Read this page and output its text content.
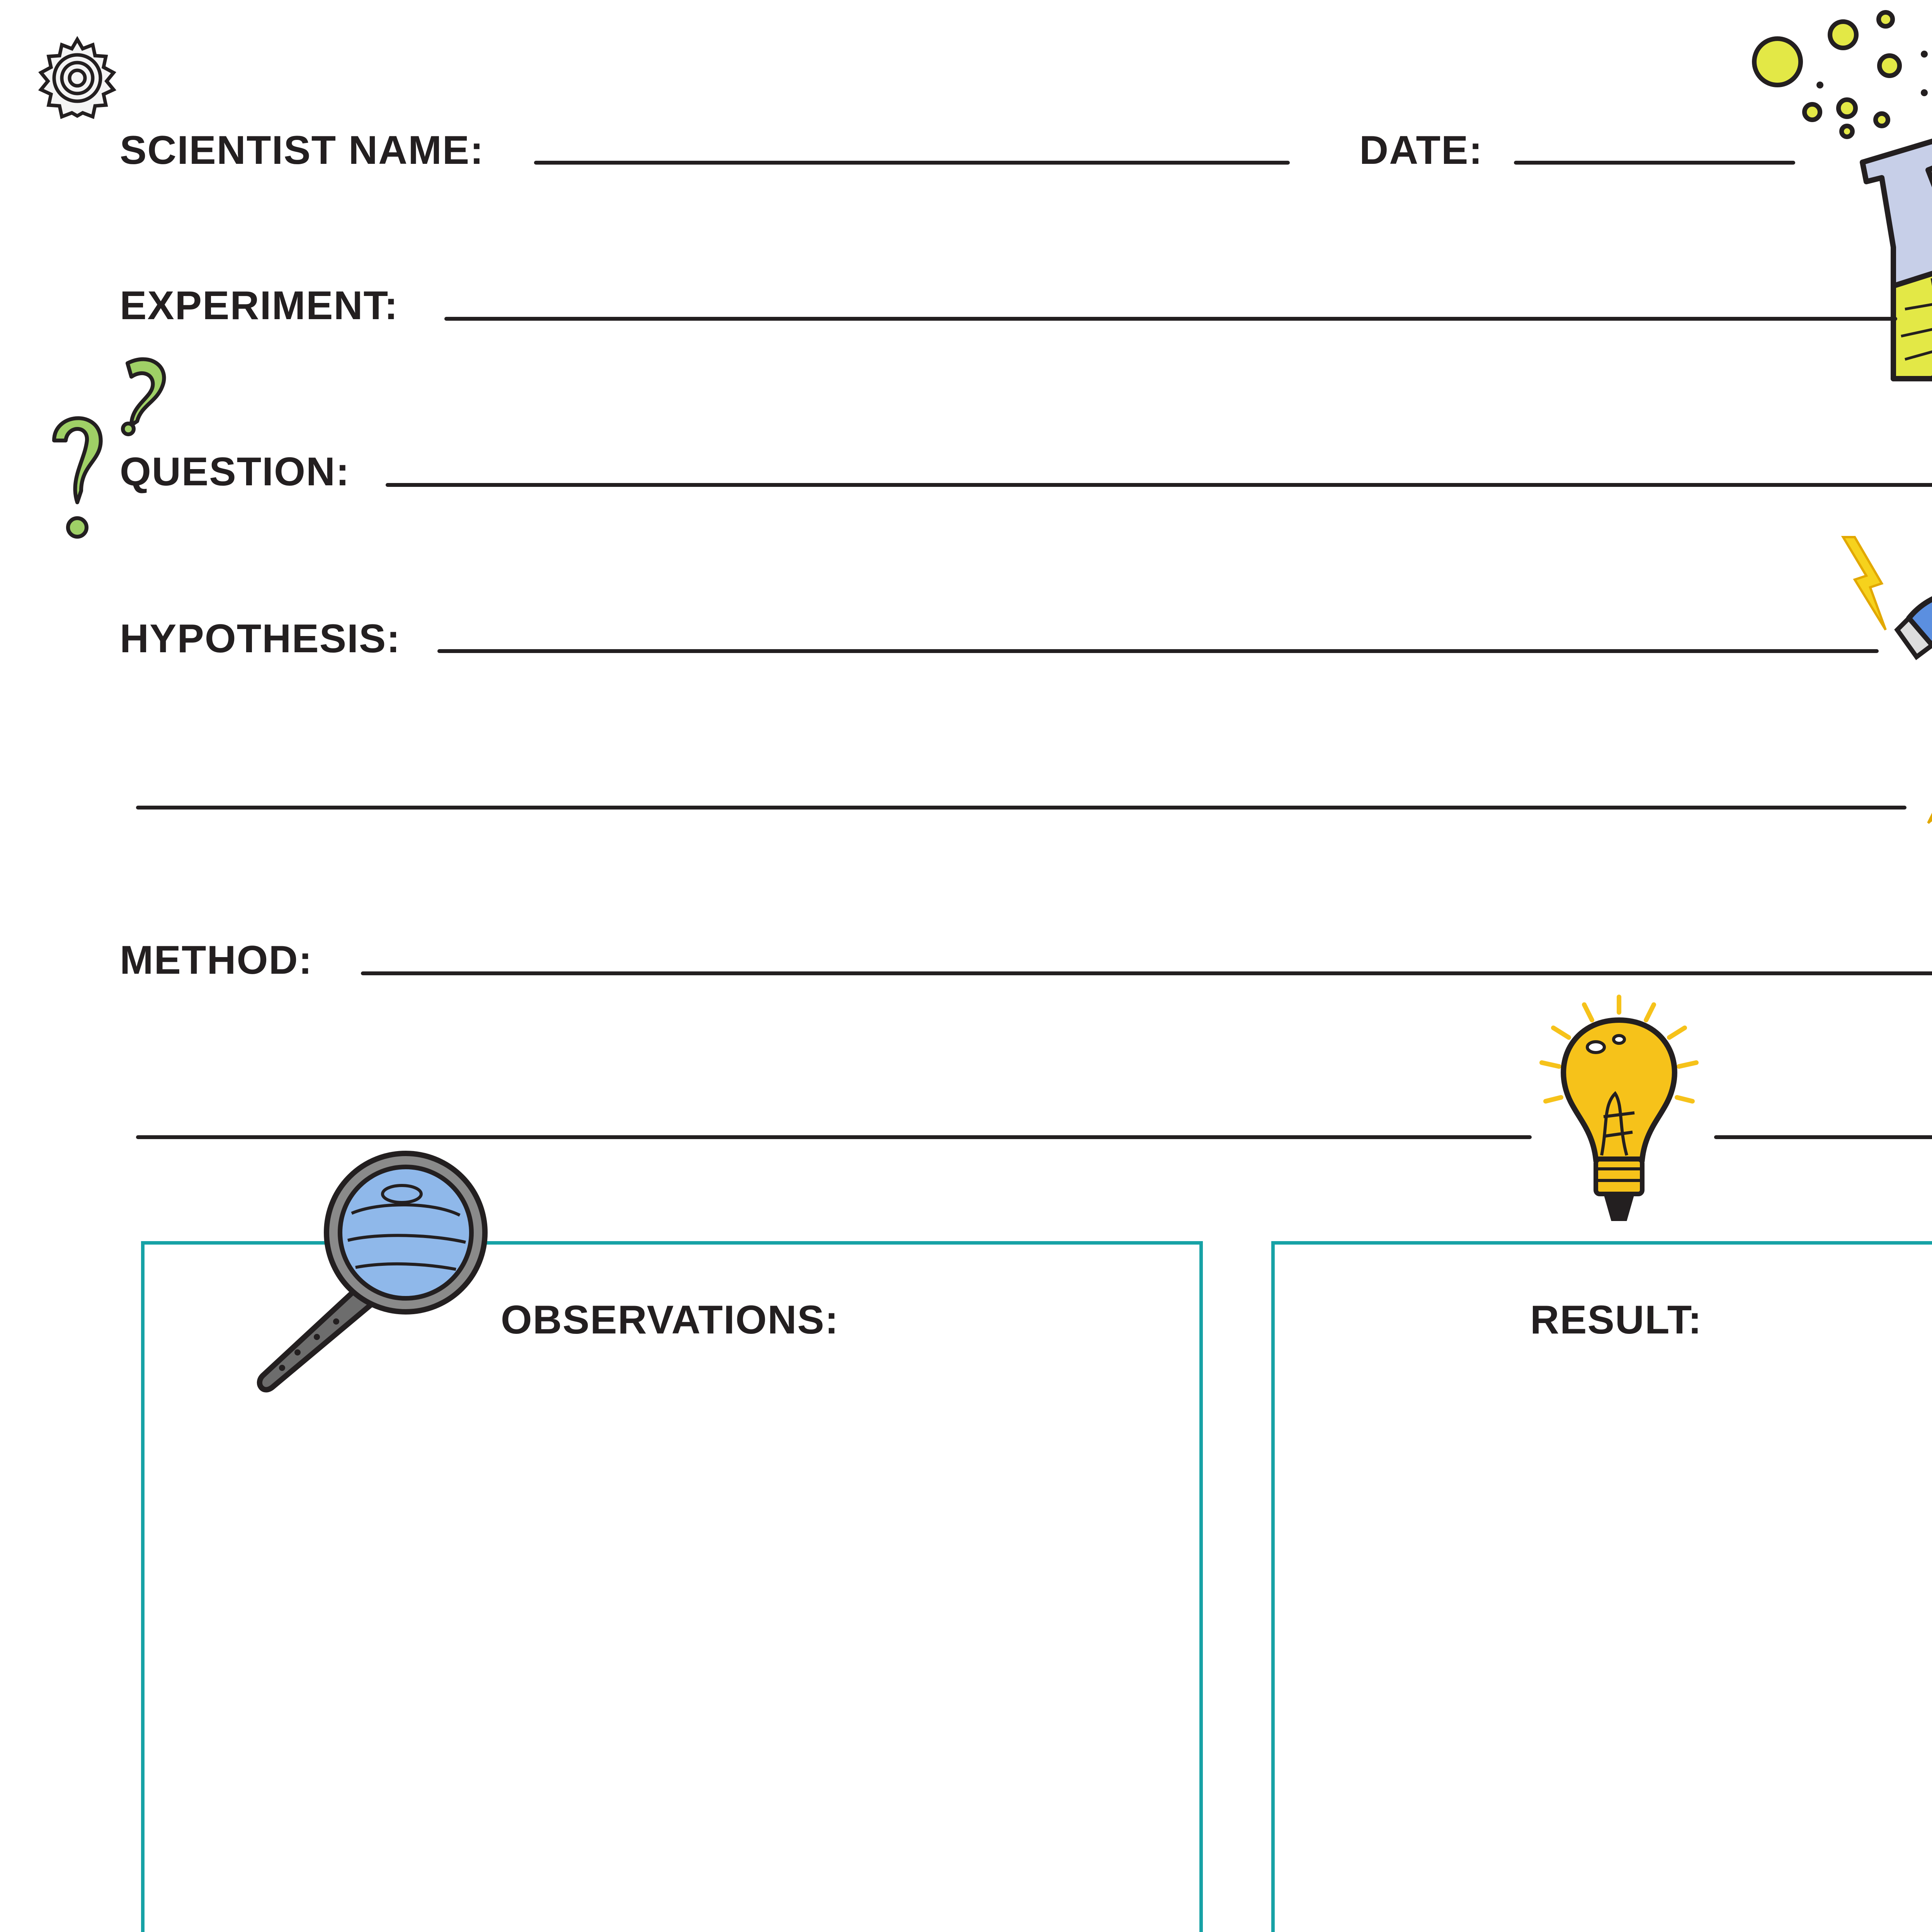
SCIENTIST NAME:	DATE:
EXPERIMENT:
QUESTION:
HYPOTHESIS:
METHOD:
OBSERVATIONS:	RESULT:
